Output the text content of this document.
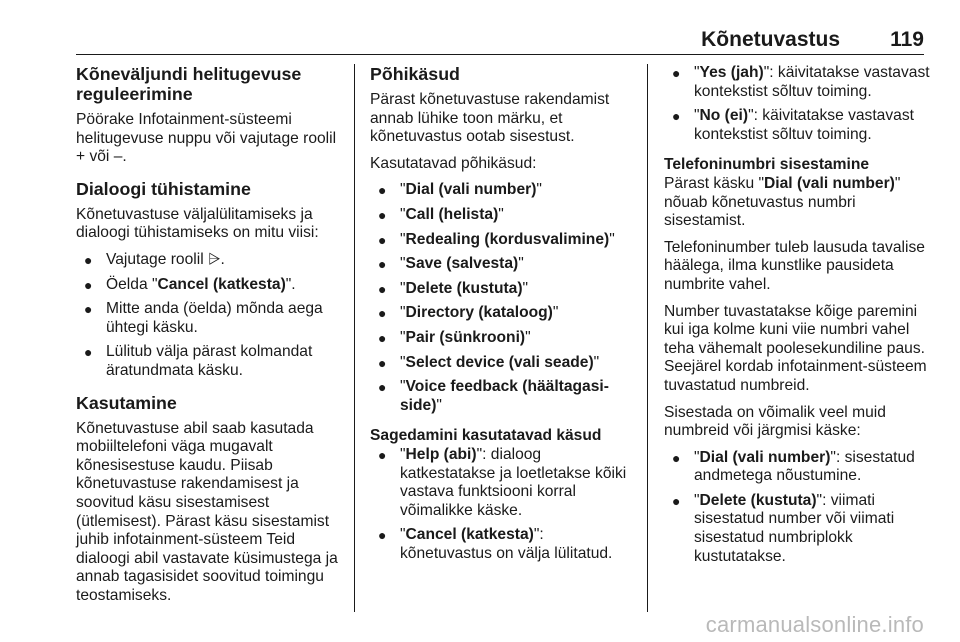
Kõnetuvastus 119
Kõneväljundi helitugevuse reguleerimine

Pöörake Infotainment-süsteemi helitugevuse nuppu või vajutage roolil + või –.

Dialoogi tühistamine

Kõnetuvastuse väljalülitamiseks ja dialoogi tühistamiseks on mitu viisi:

● Vajutage roolil ⩥.
● Öelda "Cancel (katkesta)".
● Mitte anda (öelda) mõnda aega ühtegi käsku.
● Lülitub välja pärast kolmandat äratundmata käsku.
Kasutamine

Kõnetuvastuse abil saab kasutada mobiiltelefoni väga mugavalt kõnesisestuse kaudu. Piisab kõnetuvastuse rakendamisest ja soovitud käsu sisestamisest (ütlemisest). Pärast käsu sisestamist juhib infotainment-süsteem Teid dialoogi abil vastavate küsimustega ja annab tagasisidet soovitud toimingu teostamiseks.

Põhikäsud

Pärast kõnetuvastuse rakendamist annab lühike toon märku, et kõnetuvastus ootab sisestust.

Kasutatavad põhikäsud:

● "Dial (vali number)"
● "Call (helista)"
● "Redealing (kordusvalimine)"
● "Save (salvesta)"
● "Delete (kustuta)"
● "Directory (kataloog)"
● "Pair (sünkrooni)"
● "Select device (vali seade)"
● "Voice feedback (häältagasi-side)"
Sagedamini kasutatavad käsud
● "Help (abi)": dialoog katkestatakse ja loetletakse kõiki vastava funktsiooni korral võimalikke käske.
● "Cancel (katkesta)": kõnetuvastus on välja lülitatud.
● "Yes (jah)": käivitatakse vastavast kontekstist sõltuv toiming.
● "No (ei)": käivitatakse vastavast kontekstist sõltuv toiming.
Telefoninumbri sisestamine

Pärast käsku "Dial (vali number)" nõuab kõnetuvastus numbri sisestamist.

Telefoninumber tuleb lausuda tavalise häälega, ilma kunstlike pausideta numbrite vahel.

Number tuvastatakse kõige paremini kui iga kolme kuni viie numbri vahel teha vähemalt poolesekundiline paus. Seejärel kordab infotainment-süsteem tuvastatud numbreid.

Sisestada on võimalik veel muid numbreid või järgmisi käske:

● "Dial (vali number)": sisestatud andmetega nõustumine.
● "Delete (kustuta)": viimati sisestatud number või viimati sisestatud numbriplokk kustutatakse.
carmanualsonline.info
